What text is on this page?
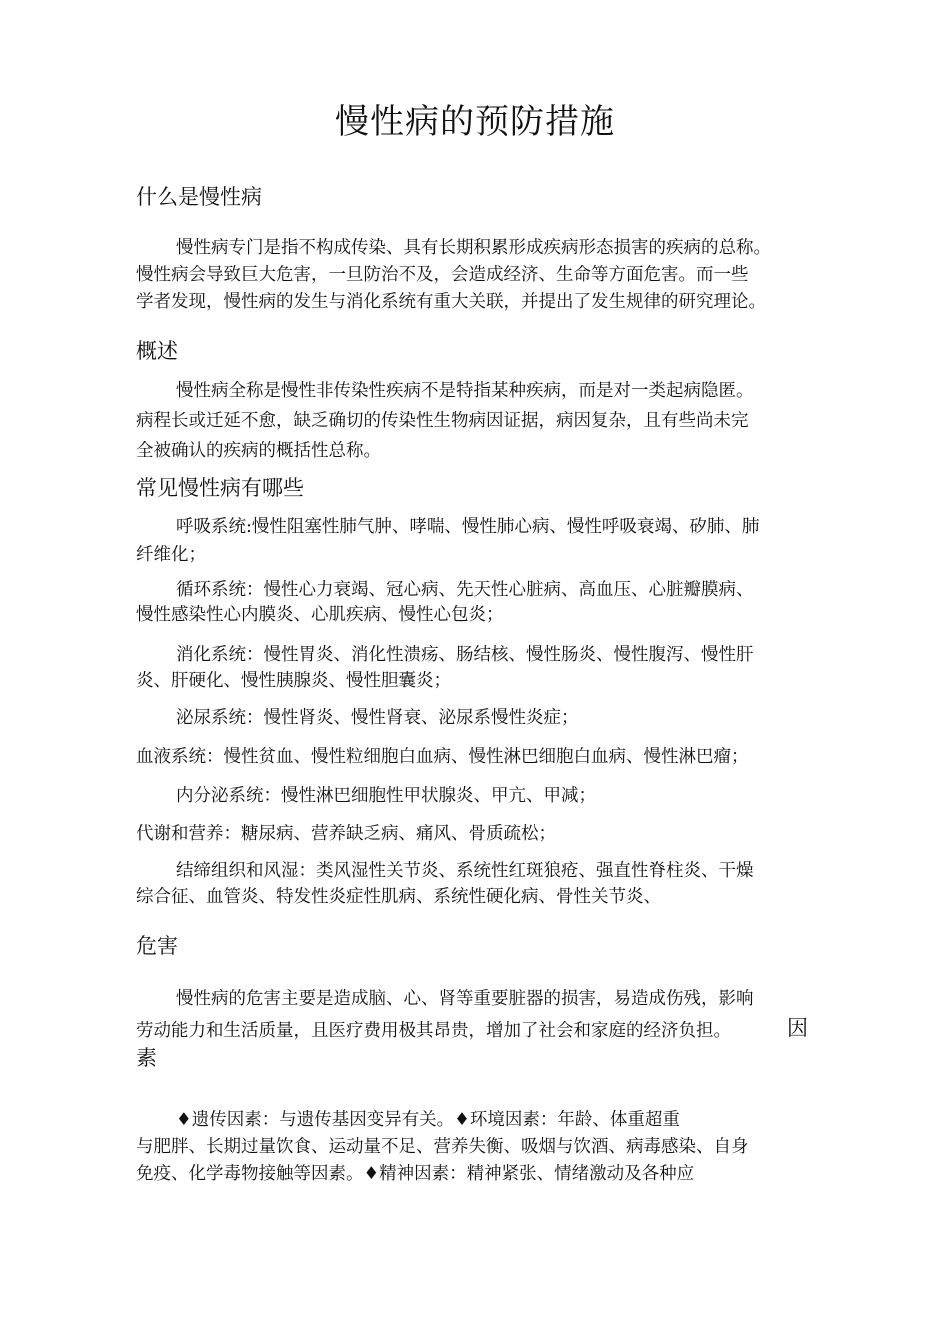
慢性病的预防措施
什么是慢性病
慢性病专门是指不构成传染、具有长期积累形成疾病形态损害的疾病的总称。
慢性病会导致巨大危害，一旦防治不及，会造成经济、生命等方面危害。而一些
学者发现，慢性病的发生与消化系统有重大关联，并提出了发生规律的研究理论。
概述
慢性病全称是慢性非传染性疾病不是特指某种疾病，而是对一类起病隐匿。
病程长或迁延不愈，缺乏确切的传染性生物病因证据，病因复杂，且有些尚未完
全被确认的疾病的概括性总称。
常见慢性病有哪些
呼吸系统:慢性阻塞性肺气肿、哮喘、慢性肺心病、慢性呼吸衰竭、矽肺、肺
纤维化；
循环系统：慢性心力衰竭、冠心病、先天性心脏病、高血压、心脏瓣膜病、
慢性感染性心内膜炎、心肌疾病、慢性心包炎；
消化系统：慢性胃炎、消化性溃疡、肠结核、慢性肠炎、慢性腹泻、慢性肝
炎、肝硬化、慢性胰腺炎、慢性胆囊炎；
泌尿系统：慢性肾炎、慢性肾衰、泌尿系慢性炎症；
血液系统：慢性贫血、慢性粒细胞白血病、慢性淋巴细胞白血病、慢性淋巴瘤；
内分泌系统：慢性淋巴细胞性甲状腺炎、甲亢、甲减；
代谢和营养：糖尿病、营养缺乏病、痛风、骨质疏松；
结缔组织和风湿：类风湿性关节炎、系统性红斑狼疮、强直性脊柱炎、干燥
综合征、血管炎、特发性炎症性肌病、系统性硬化病、骨性关节炎、
危害
慢性病的危害主要是造成脑、心、肾等重要脏器的损害，易造成伤残，影响
劳动能力和生活质量，且医疗费用极其昂贵，增加了社会和家庭的经济负担。	因
素
♦遗传因素：与遗传基因变异有关。♦环境因素：年龄、体重超重
与肥胖、长期过量饮食、运动量不足、营养失衡、吸烟与饮酒、病毒感染、自身
免疫、化学毒物接触等因素。♦精神因素：精神紧张、情绪激动及各种应
